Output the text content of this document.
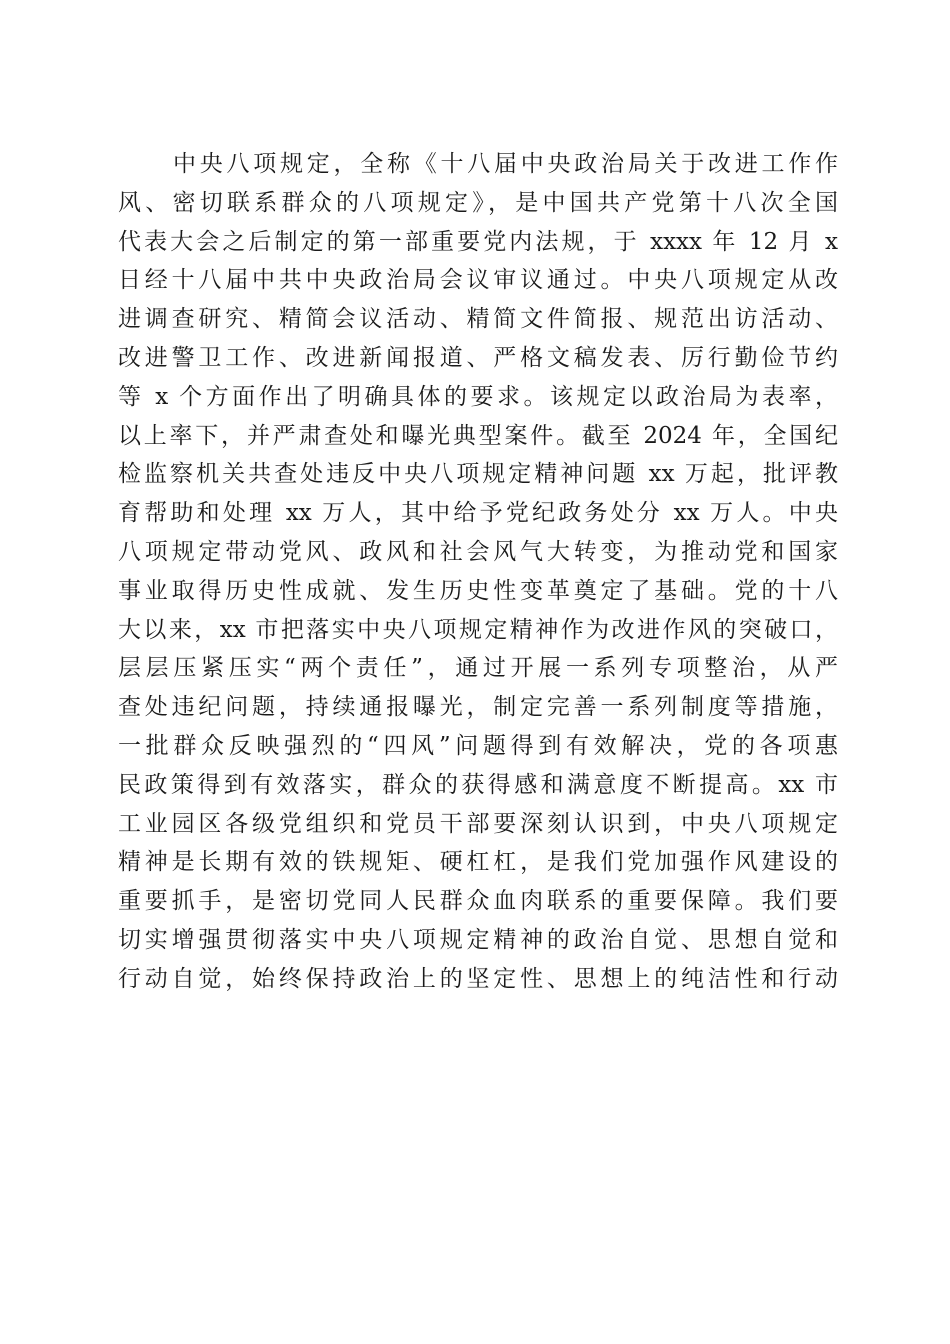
中央八项规定，全称《十八届中央政治局关于改进工作作
风、密切联系群众的八项规定》，是中国共产党第十八次全国
代表大会之后制定的第一部重要党内法规，于 xxxx 年 12 月 x
日经十八届中共中央政治局会议审议通过。中央八项规定从改
进调查研究、精简会议活动、精简文件简报、规范出访活动、
改进警卫工作、改进新闻报道、严格文稿发表、厉行勤俭节约
等 x 个方面作出了明确具体的要求。该规定以政治局为表率，
以上率下，并严肃查处和曝光典型案件。截至 2024 年，全国纪
检监察机关共查处违反中央八项规定精神问题 xx 万起，批评教
育帮助和处理 xx 万人，其中给予党纪政务处分 xx 万人。中央
八项规定带动党风、政风和社会风气大转变，为推动党和国家
事业取得历史性成就、发生历史性变革奠定了基础。党的十八
大以来，xx 市把落实中央八项规定精神作为改进作风的突破口，
层层压紧压实“两个责任”，通过开展一系列专项整治，从严
查处违纪问题，持续通报曝光，制定完善一系列制度等措施，
一批群众反映强烈的“四风”问题得到有效解决，党的各项惠
民政策得到有效落实，群众的获得感和满意度不断提高。xx 市
工业园区各级党组织和党员干部要深刻认识到，中央八项规定
精神是长期有效的铁规矩、硬杠杠，是我们党加强作风建设的
重要抓手，是密切党同人民群众血肉联系的重要保障。我们要
切实增强贯彻落实中央八项规定精神的政治自觉、思想自觉和
行动自觉，始终保持政治上的坚定性、思想上的纯洁性和行动
